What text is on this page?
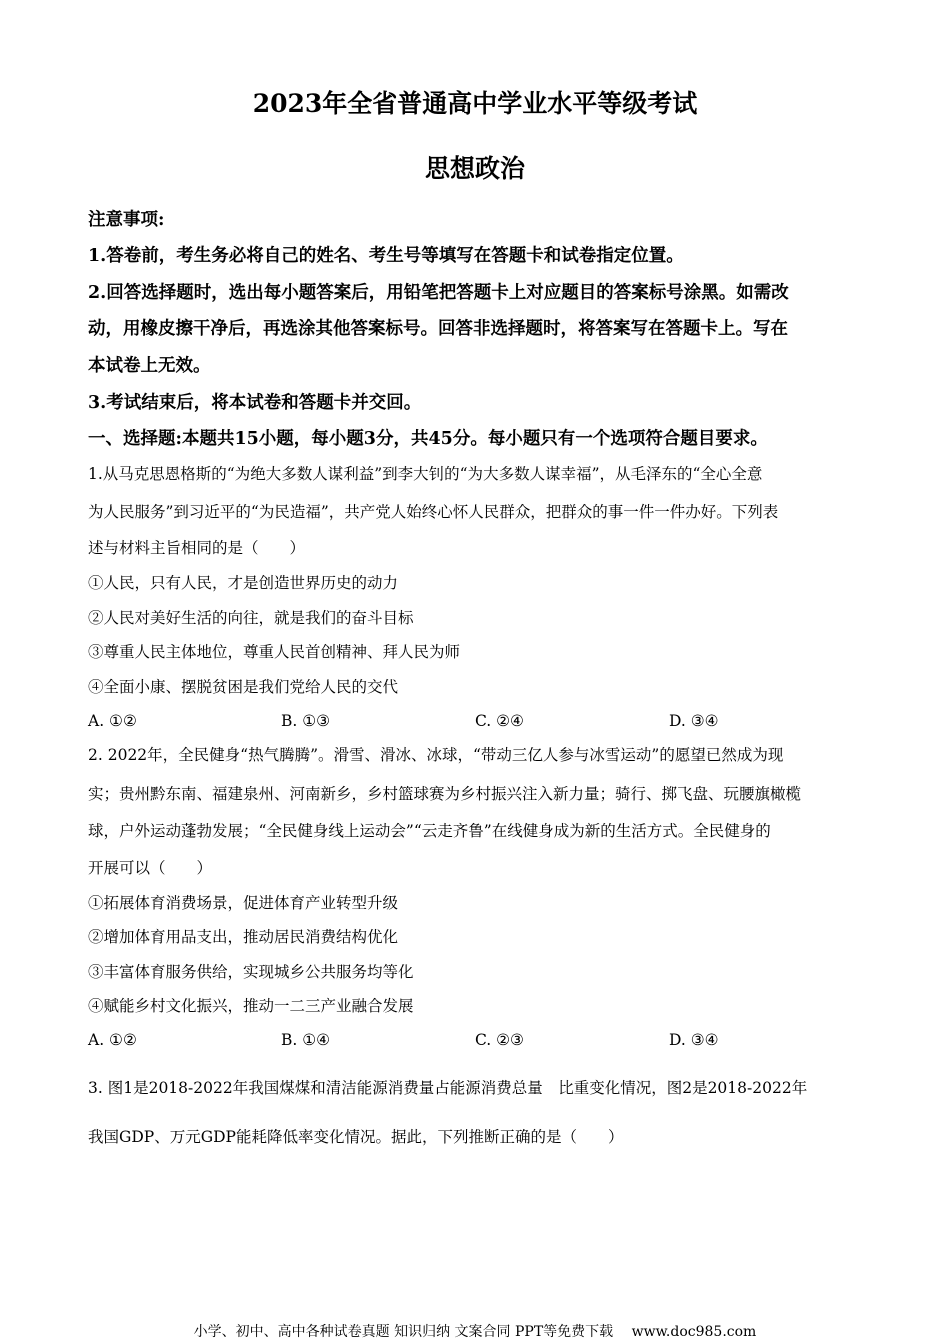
2023年全省普通高中学业水平等级考试
思想政治
注意事项:
1.答卷前，考生务必将自己的姓名、考生号等填写在答题卡和试卷指定位置。
2.回答选择题时，选出每小题答案后，用铅笔把答题卡上对应题目的答案标号涂黑。如需改
动，用橡皮擦干净后，再选涂其他答案标号。回答非选择题时，将答案写在答题卡上。写在
本试卷上无效。
3.考试结束后，将本试卷和答题卡并交回。
一、选择题:本题共15小题，每小题3分，共45分。每小题只有一个选项符合题目要求。
1.从马克思恩格斯的“为绝大多数人谋利益”到李大钊的“为大多数人谋幸福”，从毛泽东的“全心全意
为人民服务”到习近平的“为民造福”，共产党人始终心怀人民群众，把群众的事一件一件办好。下列表
述与材料主旨相同的是（　　）
①人民，只有人民，才是创造世界历史的动力
②人民对美好生活的向往，就是我们的奋斗目标
③尊重人民主体地位，尊重人民首创精神、拜人民为师
④全面小康、摆脱贫困是我们党给人民的交代
A. ①②	B. ①③	C. ②④	D. ③④
2. 2022年，全民健身“热气腾腾”。滑雪、滑冰、冰球，“带动三亿人参与冰雪运动”的愿望已然成为现
实；贵州黔东南、福建泉州、河南新乡，乡村篮球赛为乡村振兴注入新力量；骑行、掷飞盘、玩腰旗橄榄
球，户外运动蓬勃发展；“全民健身线上运动会”“云走齐鲁”在线健身成为新的生活方式。全民健身的
开展可以（　　）
①拓展体育消费场景，促进体育产业转型升级
②增加体育用品支出，推动居民消费结构优化
③丰富体育服务供给，实现城乡公共服务均等化
④赋能乡村文化振兴，推动一二三产业融合发展
A. ①②	B. ①④	C. ②③	D. ③④
3. 图1是2018-2022年我国煤煤和清洁能源消费量占能源消费总量　比重变化情况，图2是2018-2022年
我国GDP、万元GDP能耗降低率变化情况。据此，下列推断正确的是（　　）
小学、初中、高中各种试卷真题 知识归纳 文案合同 PPT等免费下载　 www.doc985.com
